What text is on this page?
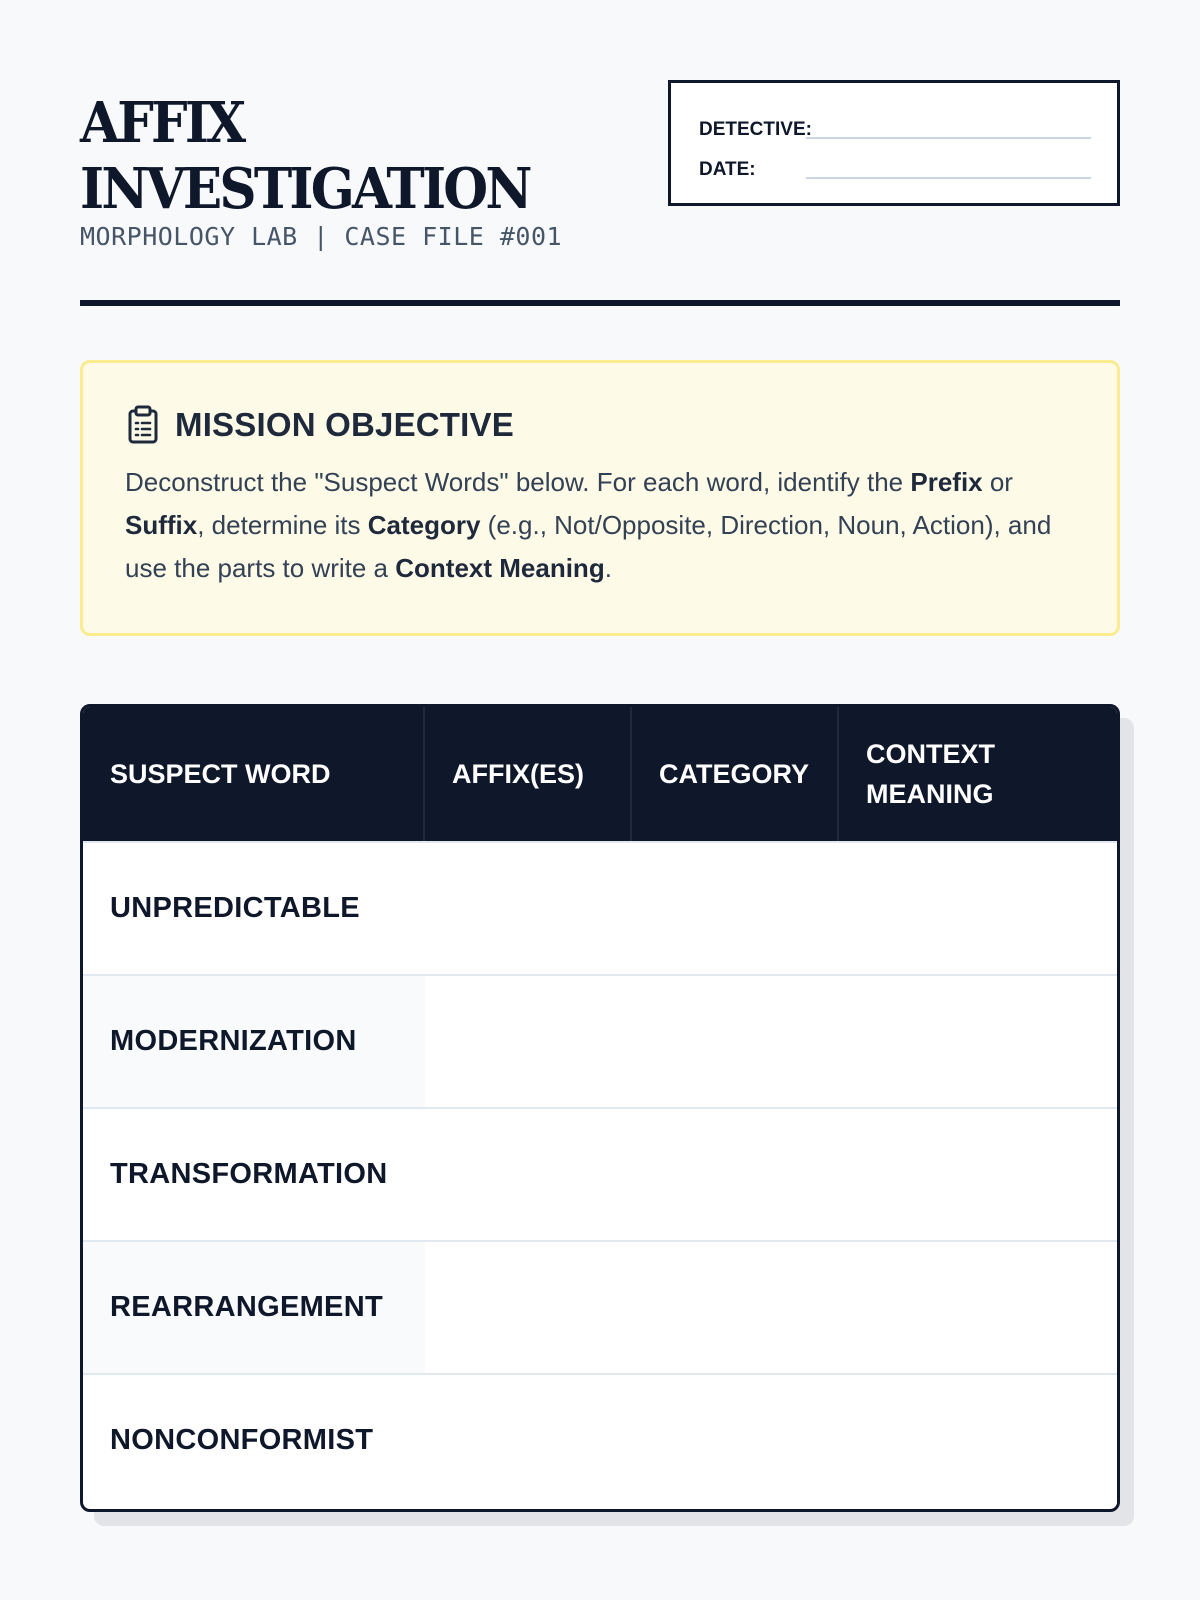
AFFIX
INVESTIGATION
MORPHOLOGY LAB | CASE FILE #001
DETECTIVE:
DATE:
MISSION OBJECTIVE

Deconstruct the "Suspect Words" below. For each word, identify the Prefix or Suffix, determine its Category (e.g., Not/Opposite, Direction, Noun, Action), and use the parts to write a Context Meaning.

SUSPECT WORD	AFFIX(ES)	CATEGORY
CONTEXT MEANING
UNPREDICTABLE
MODERNIZATION
TRANSFORMATION
REARRANGEMENT
NONCONFORMIST
